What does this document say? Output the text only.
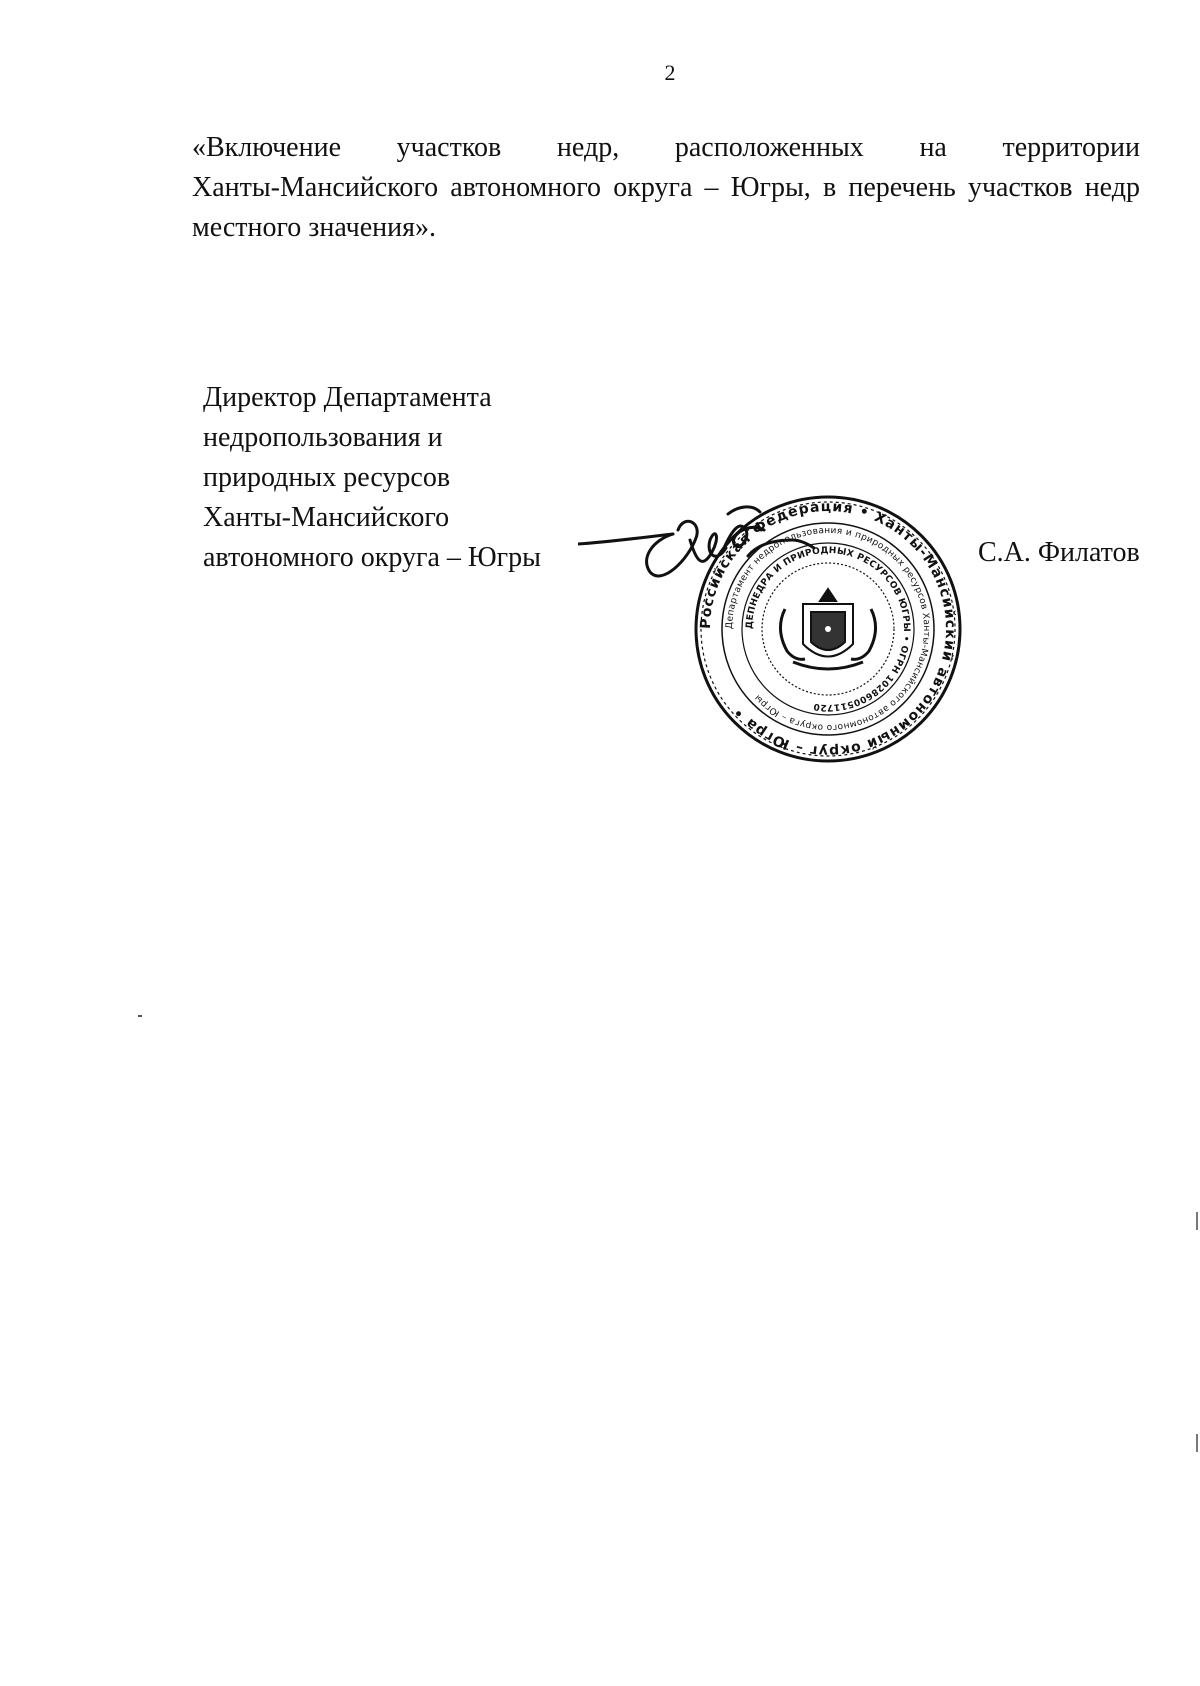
2
«Включение участков недр, расположенных на территории
Ханты-Мансийского автономного округа – Югры, в перечень участков недр
местного значения».
Директор Департамента
недропользования и
природных ресурсов
Ханты-Мансийского
автономного округа – Югры	С.А. Филатов
Российская Федерация • Ханты-Мансийский автономный округ – Югра •
Департамент недропользования и природных ресурсов Ханты-Мансийского автономного округа – Югры
ДЕПНЕДРА И ПРИРОДНЫХ РЕСУРСОВ ЮГРЫ • ОГРН 1028600511720
